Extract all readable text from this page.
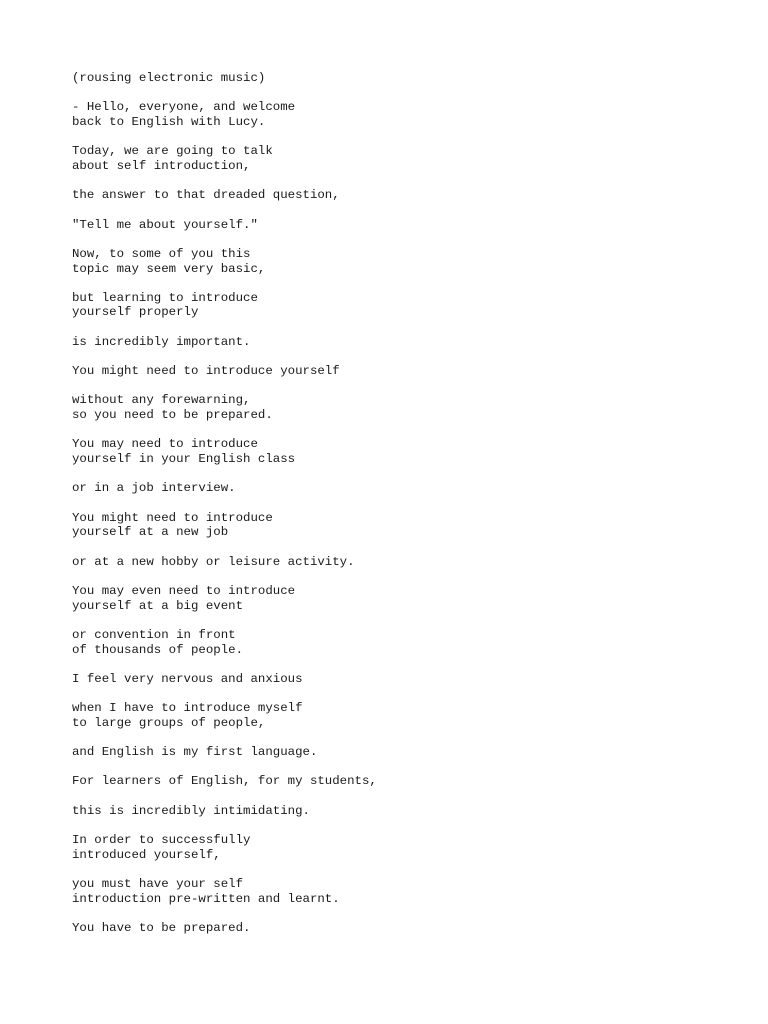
(rousing electronic music)

- Hello, everyone, and welcome
back to English with Lucy.

Today, we are going to talk
about self introduction,

the answer to that dreaded question,

"Tell me about yourself."

Now, to some of you this
topic may seem very basic,

but learning to introduce
yourself properly

is incredibly important.

You might need to introduce yourself

without any forewarning,
so you need to be prepared.

You may need to introduce
yourself in your English class

or in a job interview.

You might need to introduce
yourself at a new job

or at a new hobby or leisure activity.

You may even need to introduce
yourself at a big event

or convention in front
of thousands of people.

I feel very nervous and anxious

when I have to introduce myself
to large groups of people,

and English is my first language.

For learners of English, for my students,

this is incredibly intimidating.

In order to successfully
introduced yourself,

you must have your self
introduction pre-written and learnt.

You have to be prepared.
